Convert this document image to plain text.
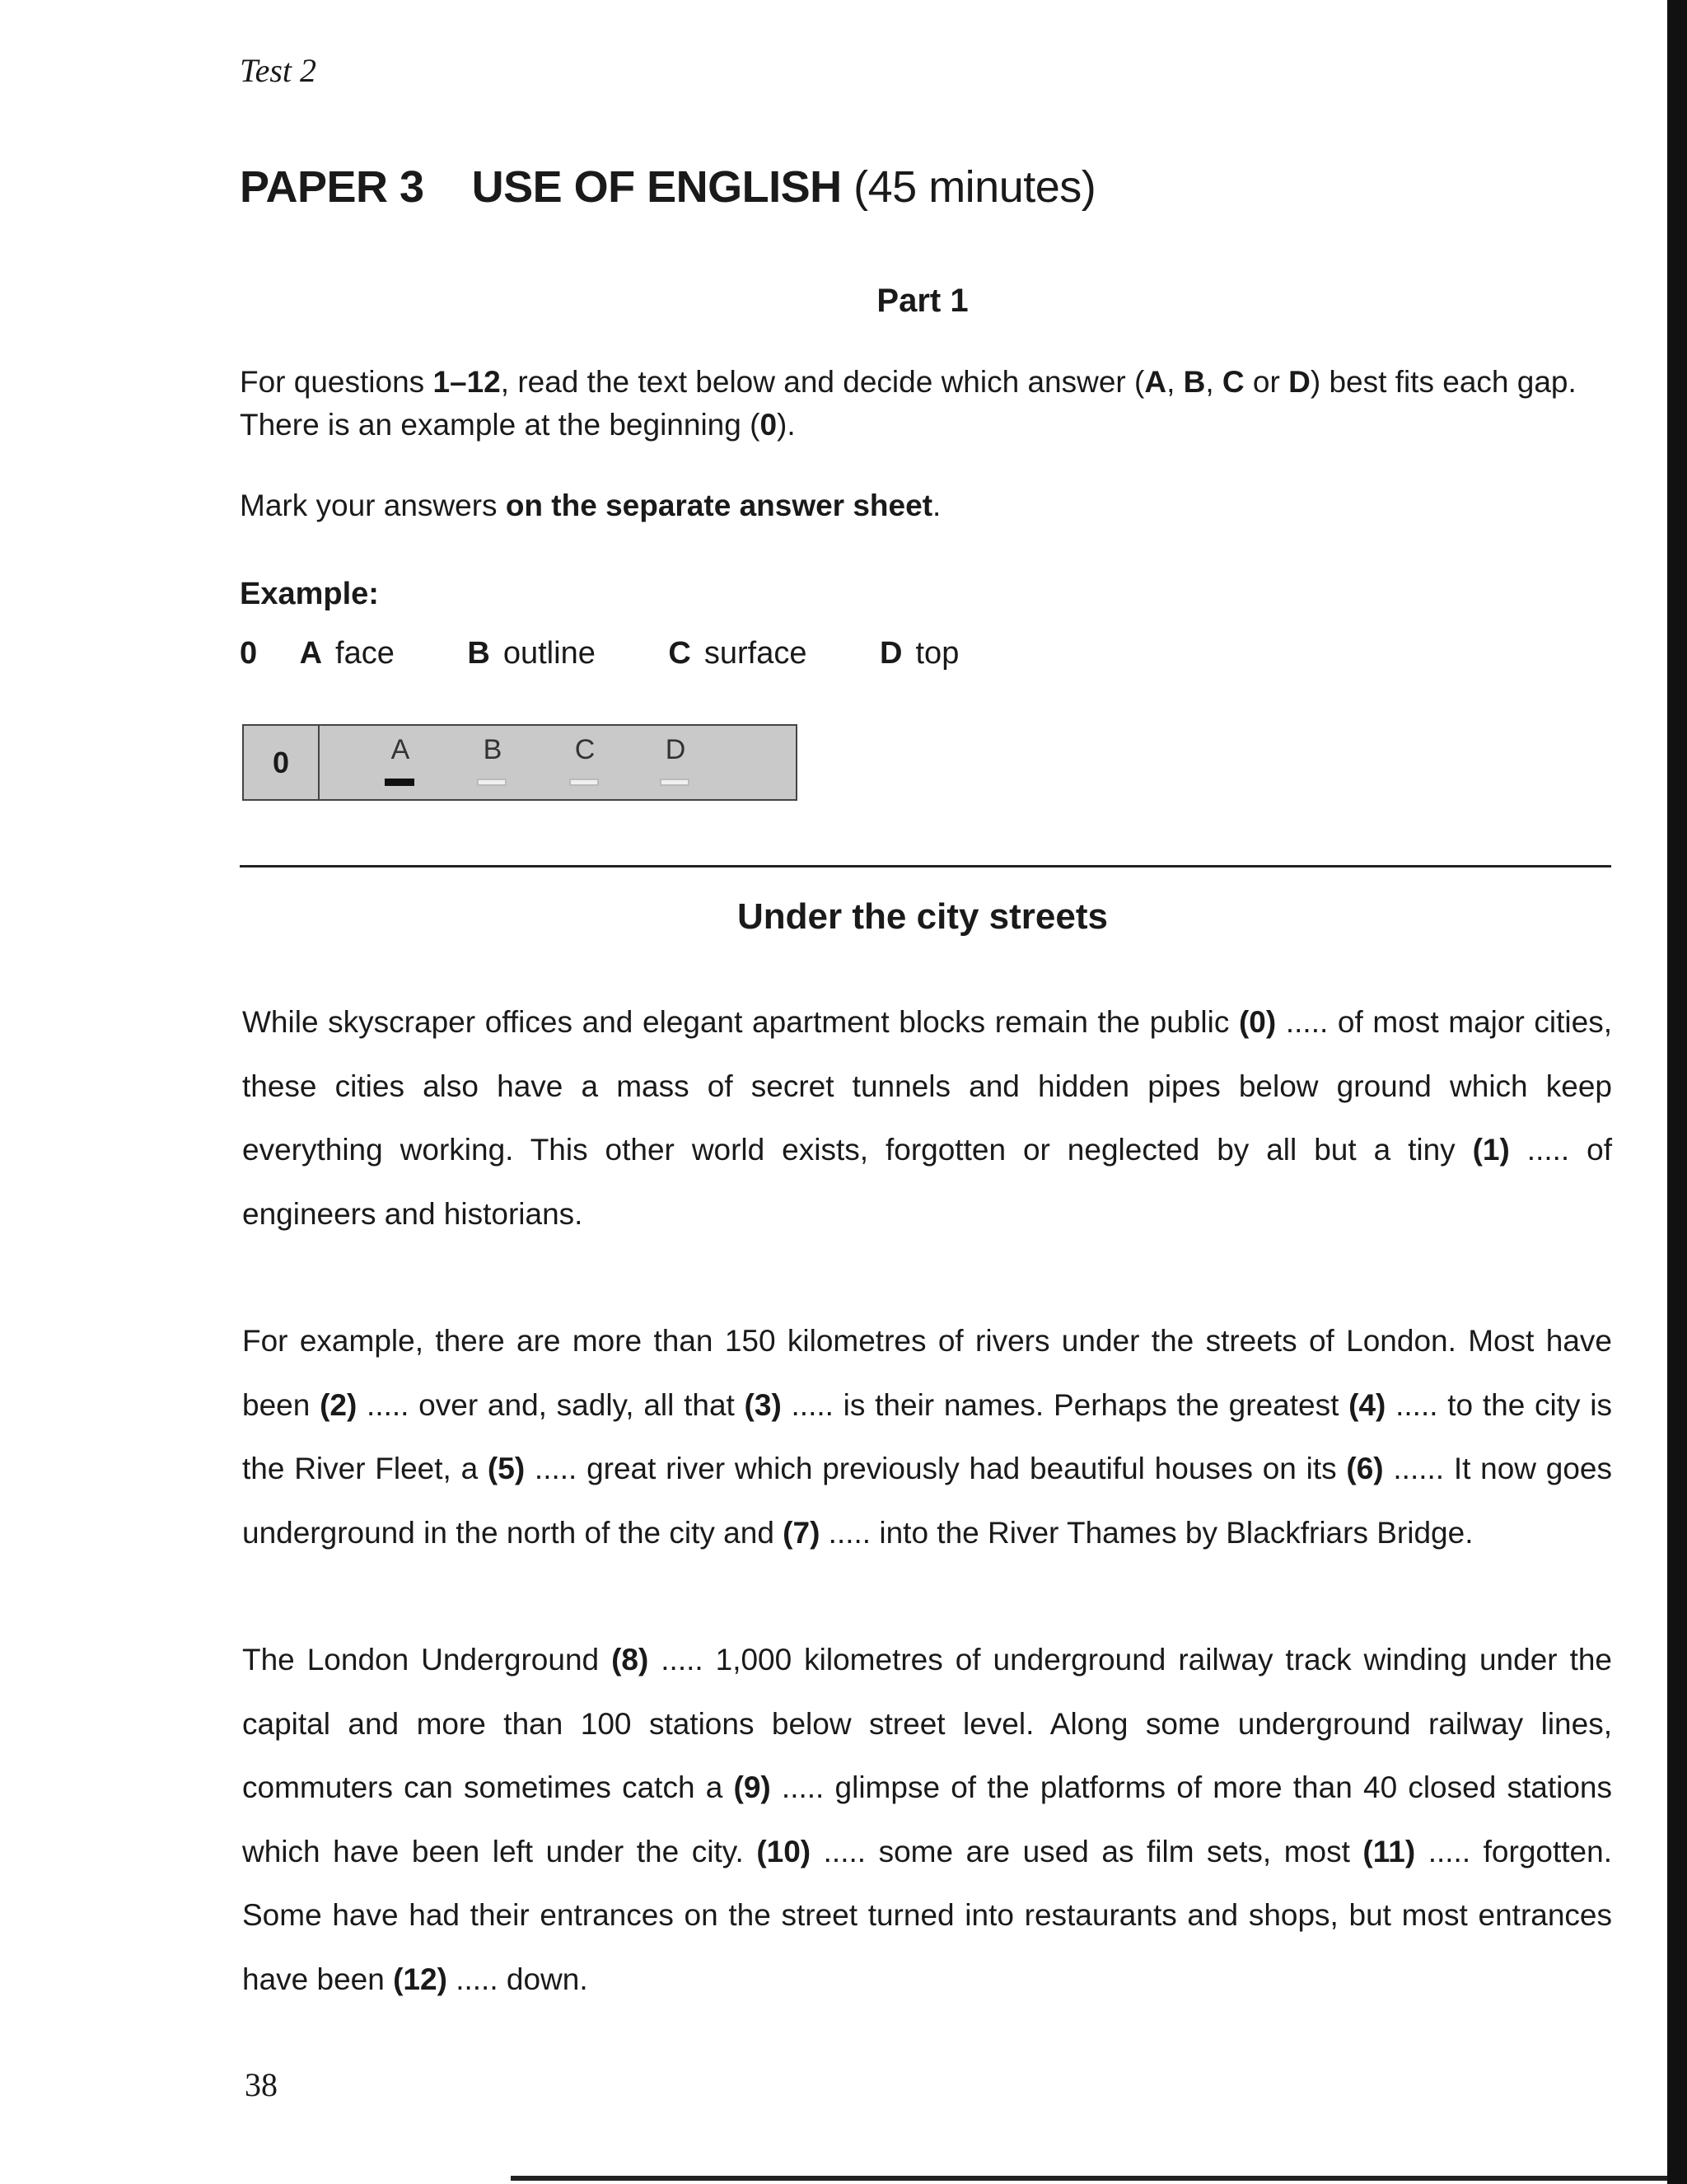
Test 2
PAPER 3 USE OF ENGLISH (45 minutes)
Part 1
For questions 1–12, read the text below and decide which answer (A, B, C or D) best fits each gap. There is an example at the beginning (0).
Mark your answers on the separate answer sheet.
Example:
0 A face B outline C surface D top
0	A	B	C	D
Under the city streets
While skyscraper offices and elegant apartment blocks remain the public (0) ..... of most major cities, these cities also have a mass of secret tunnels and hidden pipes below ground which keep everything working. This other world exists, forgotten or neglected by all but a tiny (1) ..... of engineers and historians.
For example, there are more than 150 kilometres of rivers under the streets of London. Most have been (2) ..... over and, sadly, all that (3) ..... is their names. Perhaps the greatest (4) ..... to the city is the River Fleet, a (5) ..... great river which previously had beautiful houses on its (6) ...... It now goes underground in the north of the city and (7) ..... into the River Thames by Blackfriars Bridge.
The London Underground (8) ..... 1,000 kilometres of underground railway track winding under the capital and more than 100 stations below street level. Along some underground railway lines, commuters can sometimes catch a (9) ..... glimpse of the platforms of more than 40 closed stations which have been left under the city. (10) ..... some are used as film sets, most (11) ..... forgotten. Some have had their entrances on the street turned into restaurants and shops, but most entrances have been (12) ..... down.
38
